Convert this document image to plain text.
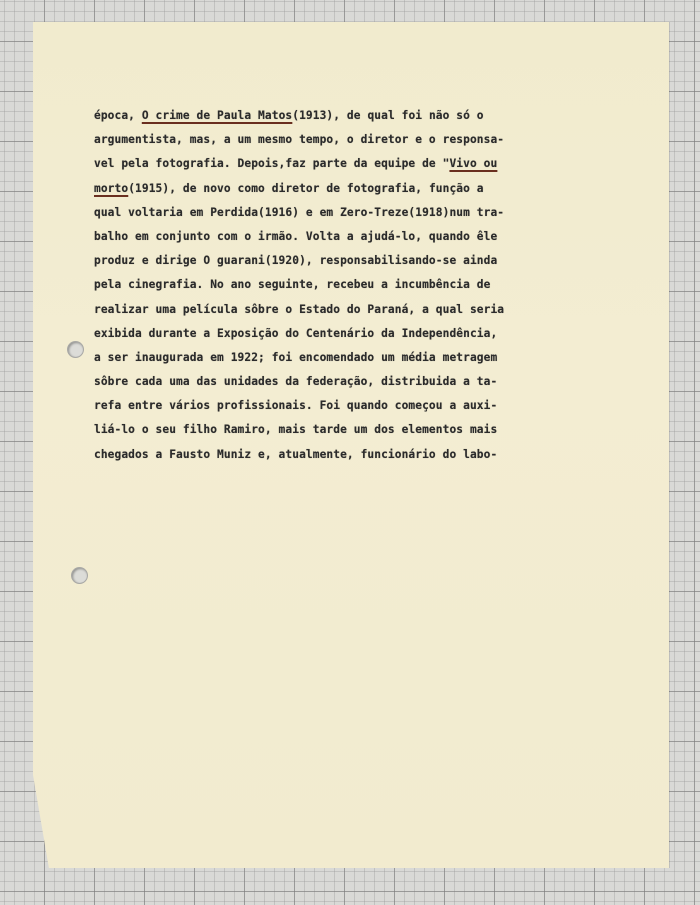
época, O crime de Paula Matos(1913), de qual foi não só o
argumentista, mas, a um mesmo tempo, o diretor e o responsa-
vel pela fotografia. Depois,faz parte da equipe de "Vivo ou
morto(1915), de novo como diretor de fotografia, função a
qual voltaria em Perdida(1916) e em Zero-Treze(1918)num tra-
balho em conjunto com o irmão. Volta a ajudá-lo, quando êle
produz e dirige O guarani(1920), responsabilisando-se ainda
pela cinegrafia. No ano seguinte, recebeu a incumbência de
realizar uma película sôbre o Estado do Paraná, a qual seria
exibida durante a Exposição do Centenário da Independência,
a ser inaugurada em 1922; foi encomendado um média metragem
sôbre cada uma das unidades da federação, distribuida a ta-
refa entre vários profissionais. Foi quando começou a auxi-
liá-lo o seu filho Ramiro, mais tarde um dos elementos mais
chegados a Fausto Muniz e, atualmente, funcionário do labo-
